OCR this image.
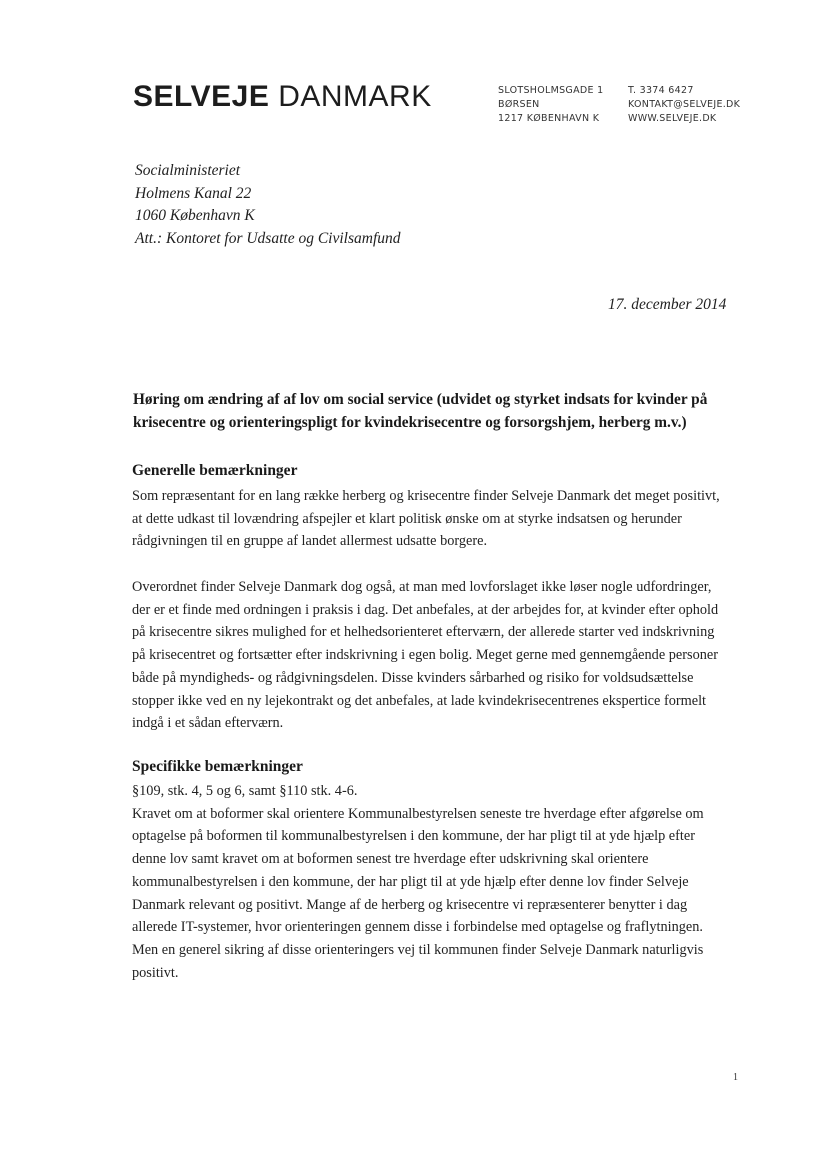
SELVEJE DANMARK	SLOTSHOLMSGADE 1
BØRSEN
1217 KØBENHAVN K
T. 3374 6427
KONTAKT@SELVEJE.DK
WWW.SELVEJE.DK
Socialministeriet
Holmens Kanal 22
1060 København K
Att.: Kontoret for Udsatte og Civilsamfund
17. december 2014
Høring om ændring af af lov om social service (udvidet og styrket indsats for kvinder på krisecentre og orienteringspligt for kvindekrisecentre og forsorgshjem, herberg m.v.)
Generelle bemærkninger
Som repræsentant for en lang række herberg og krisecentre finder Selveje Danmark det meget positivt,
at dette udkast til lovændring afspejler et klart politisk ønske om at styrke indsatsen og herunder
rådgivningen til en gruppe af landet allermest udsatte borgere.
Overordnet finder Selveje Danmark dog også, at man med lovforslaget ikke løser nogle udfordringer,
der er et finde med ordningen i praksis i dag. Det anbefales, at der arbejdes for, at kvinder efter ophold
på krisecentre sikres mulighed for et helhedsorienteret efterværn, der allerede starter ved indskrivning
på krisecentret og fortsætter efter indskrivning i egen bolig. Meget gerne med gennemgående personer
både på myndigheds- og rådgivningsdelen. Disse kvinders sårbarhed og risiko for voldsudsættelse
stopper ikke ved en ny lejekontrakt og det anbefales, at lade kvindekrisecentrenes ekspertice formelt
indgå i et sådan efterværn.
Specifikke bemærkninger
§109, stk. 4, 5 og 6, samt §110 stk. 4-6.
Kravet om at boformer skal orientere Kommunalbestyrelsen seneste tre hverdage efter afgørelse om
optagelse på boformen til kommunalbestyrelsen i den kommune, der har pligt til at yde hjælp efter
denne lov samt kravet om at boformen senest tre hverdage efter udskrivning skal orientere
kommunalbestyrelsen i den kommune, der har pligt til at yde hjælp efter denne lov finder Selveje
Danmark relevant og positivt. Mange af de herberg og krisecentre vi repræsenterer benytter i dag
allerede IT-systemer, hvor orienteringen gennem disse i forbindelse med optagelse og fraflytningen.
Men en generel sikring af disse orienteringers vej til kommunen finder Selveje Danmark naturligvis
positivt.
1
